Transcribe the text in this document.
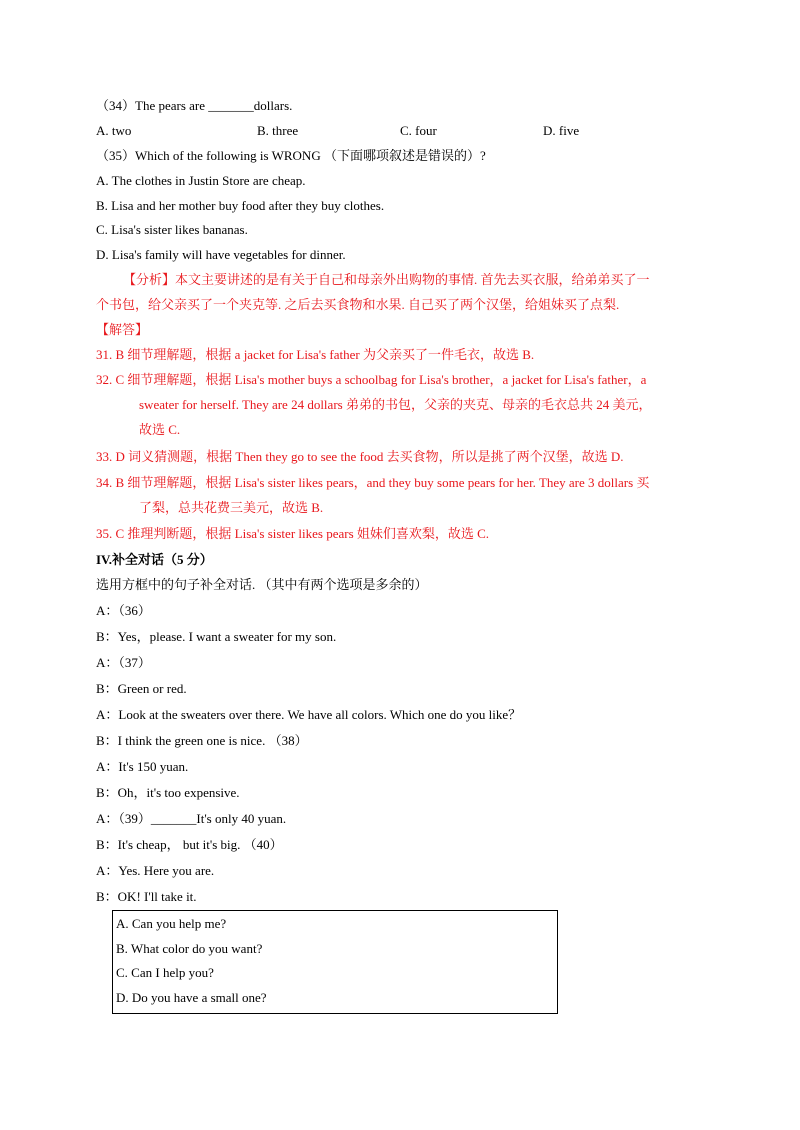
（34）The pears are _______dollars.
A. two	B. three	C. four	D. five
（35）Which of the following is WRONG （下面哪项叙述是错误的）?
A. The clothes in Justin Store are cheap.
B. Lisa and her mother buy food after they buy clothes.
C. Lisa's sister likes bananas.
D. Lisa's family will have vegetables for dinner.
【分析】本文主要讲述的是有关于自己和母亲外出购物的事情. 首先去买衣服，给弟弟买了一
个书包，给父亲买了一个夹克等. 之后去买食物和水果. 自己买了两个汉堡，给姐妹买了点梨.
【解答】
31. B 细节理解题，根据 a jacket for Lisa's father 为父亲买了一件毛衣，故选 B.
32. C 细节理解题，根据 Lisa's mother buys a schoolbag for Lisa's brother，a jacket for Lisa's father，a
sweater for herself. They are 24 dollars 弟弟的书包，父亲的夹克、母亲的毛衣总共 24 美元，
故选 C.
33. D 词义猜测题，根据 Then they go to see the food 去买食物，所以是挑了两个汉堡，故选 D.
34. B 细节理解题，根据 Lisa's sister likes pears，and they buy some pears for her. They are 3 dollars 买
了梨，总共花费三美元，故选 B.
35. C 推理判断题，根据 Lisa's sister likes pears 姐妹们喜欢梨，故选 C.
IV.补全对话（5 分）
选用方框中的句子补全对话. （其中有两个选项是多余的）
A：（36）
B：Yes，please. I want a sweater for my son.
A：（37）
B：Green or red.
A：Look at the sweaters over there. We have all colors. Which one do you like？
B：I think the green one is nice. （38）
A：It's 150 yuan.
B：Oh，it's too expensive.
A：（39）_______It's only 40 yuan.
B：It's cheap， but it's big. （40）
A：Yes. Here you are.
B：OK! I'll take it.
A. Can you help me?
B. What color do you want?
C. Can I help you?
D. Do you have a small one?
